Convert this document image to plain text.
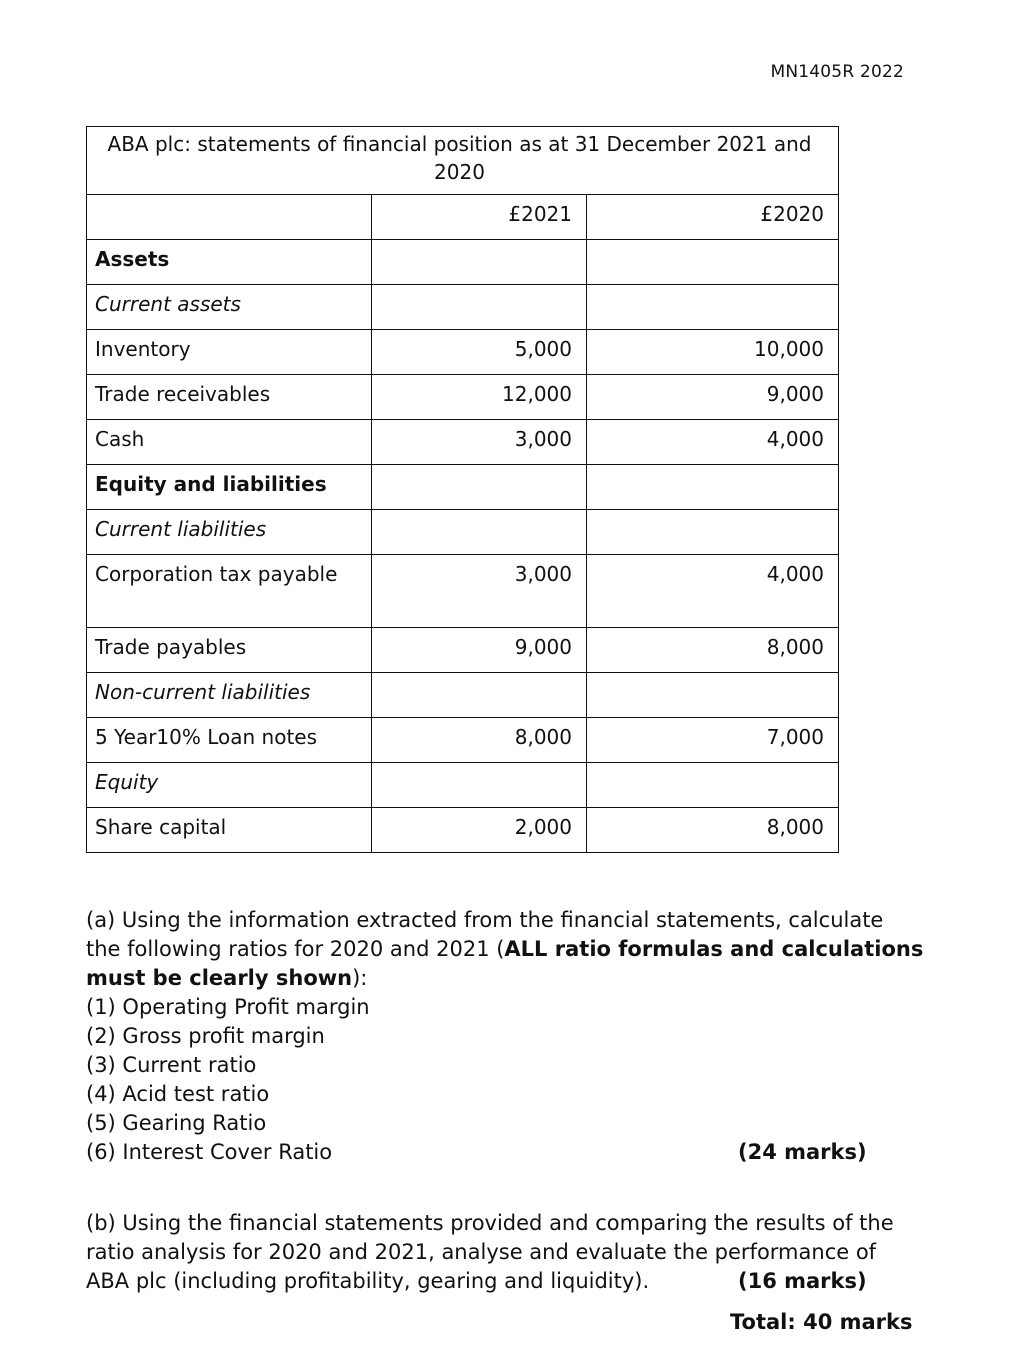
MN1405R 2022
ABA plc: statements of financial position as at 31 December 2021 and 2020		
	£2021	£2020
Assets		
Current assets		
Inventory	5,000	10,000
Trade receivables	12,000	9,000
Cash	3,000	4,000
Equity and liabilities		
Current liabilities		
Corporation tax payable	3,000	4,000
Trade payables	9,000	8,000
Non-current liabilities		
5 Year10% Loan notes	8,000	7,000
Equity		
Share capital	2,000	8,000
(a) Using the information extracted from the financial statements, calculate
the following ratios for 2020 and 2021 (ALL ratio formulas and calculations
must be clearly shown):
(1) Operating Profit margin
(2) Gross profit margin
(3) Current ratio
(4) Acid test ratio
(5) Gearing Ratio
(6) Interest Cover Ratio	(24 marks)
(b) Using the financial statements provided and comparing the results of the
ratio analysis for 2020 and 2021, analyse and evaluate the performance of
ABA plc (including profitability, gearing and liquidity).	(16 marks)
Total: 40 marks
